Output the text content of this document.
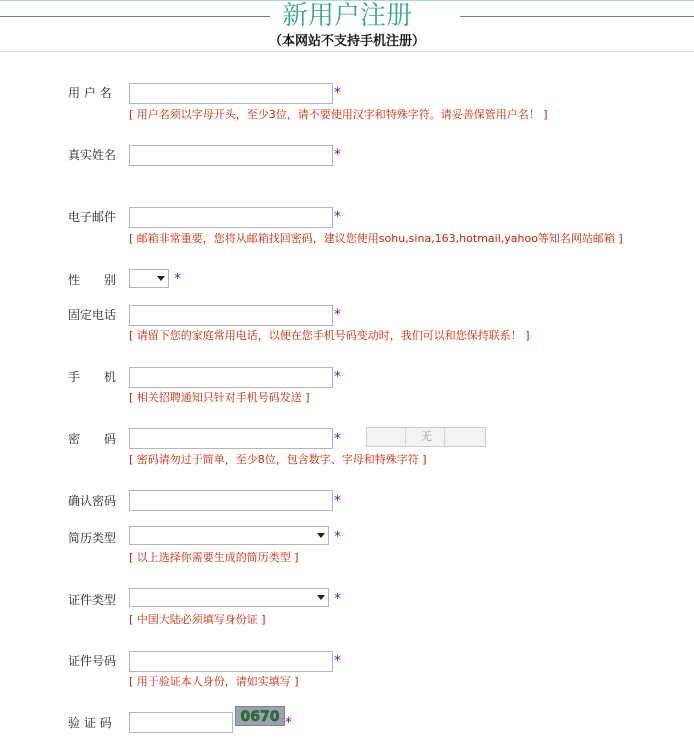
新用户注册
（本网站不支持手机注册）
用 户 名	*
[ 用户名须以字母开头，至少3位，请不要使用汉字和特殊字符。请妥善保管用户名！ ]
真实姓名	*
电子邮件	*
[ 邮箱非常重要，您将从邮箱找回密码，建议您使用sohu,sina,163,hotmail,yahoo等知名网站邮箱 ]
性　　别	*
固定电话	*
[ 请留下您的家庭常用电话，以便在您手机号码变动时，我们可以和您保持联系！ ]
手　　机	*
[ 相关招聘通知只针对手机号码发送 ]
密　　码	*	无
[ 密码请勿过于简单，至少8位，包含数字、字母和特殊字符 ]
确认密码	*
简历类型	*
[ 以上选择你需要生成的简历类型 ]
证件类型	*
[ 中国大陆必须填写身份证 ]
证件号码	*
[ 用于验证本人身份，请如实填写 ]
验 证 码	0670 *
